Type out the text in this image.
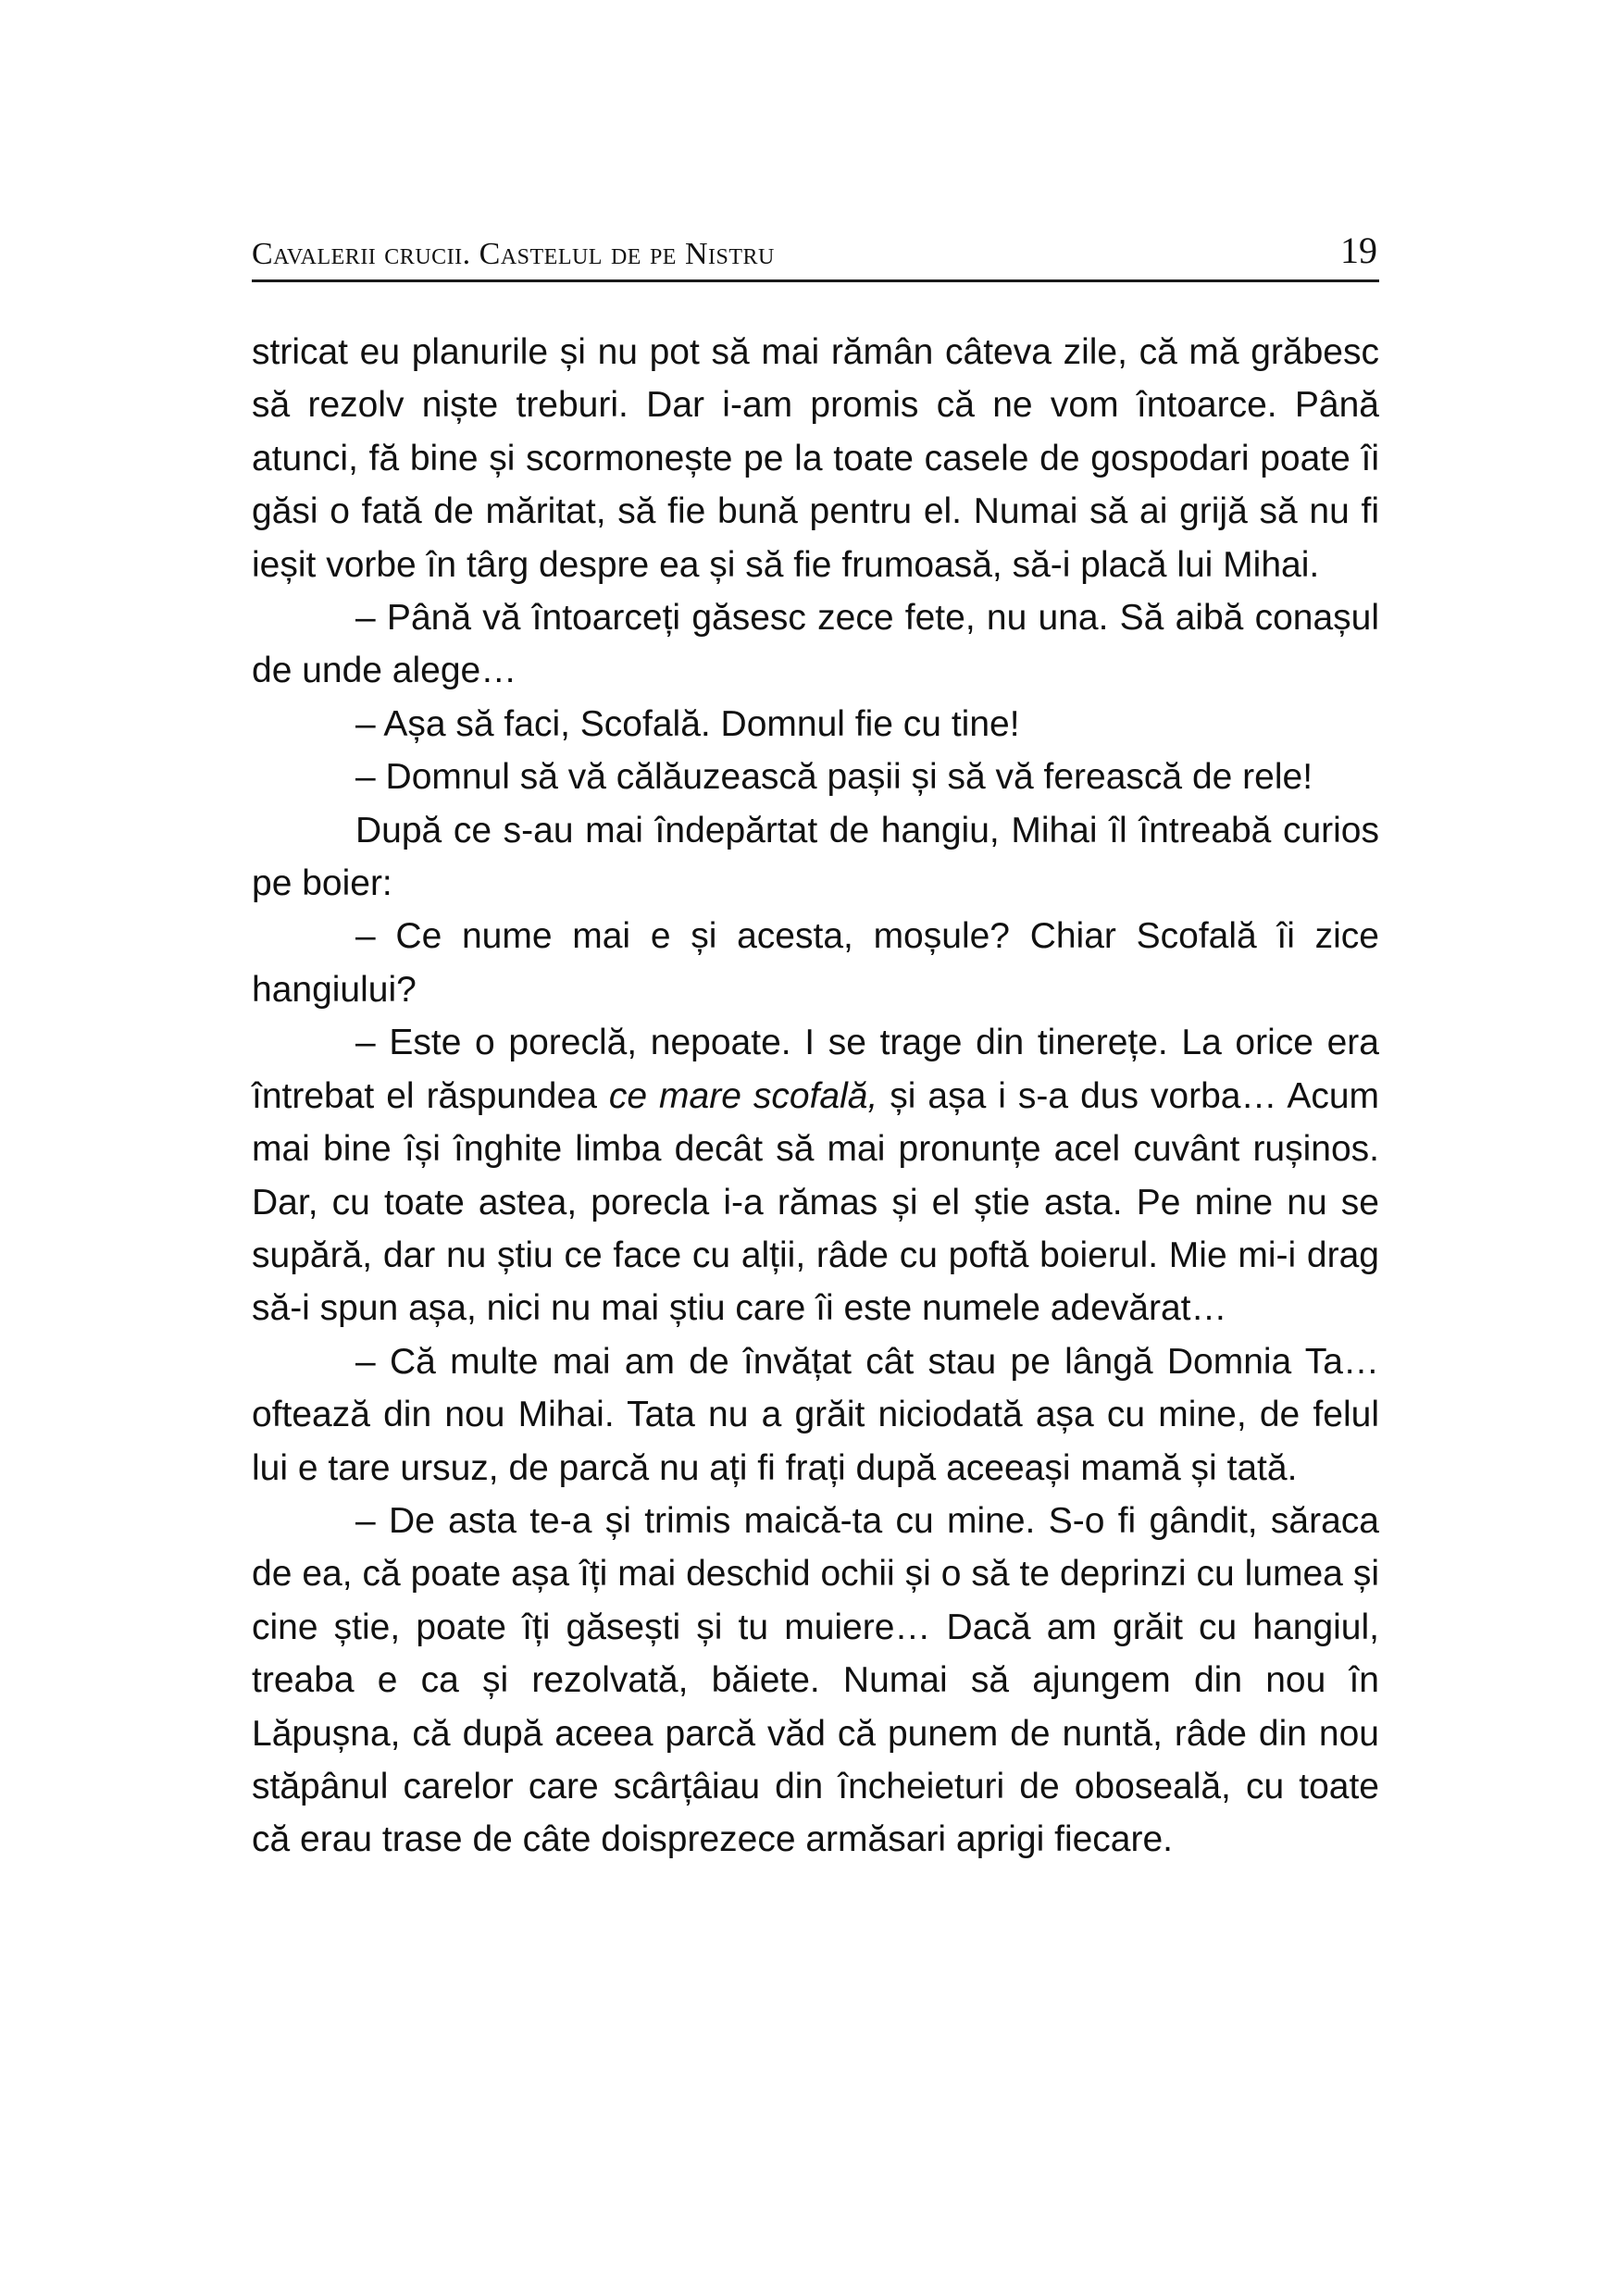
Cavalerii crucii. Castelul de pe Nistru	19

stricat eu planurile și nu pot să mai rămân câteva zile, că mă grăbesc să rezolv niște treburi. Dar i-am promis că ne vom întoarce. Până atunci, fă bine și scormonește pe la toate casele de gospodari poate îi găsi o fată de măritat, să fie bună pentru el. Numai să ai grijă să nu fi ieșit vorbe în târg despre ea și să fie frumoasă, să-i placă lui Mihai.

– Până vă întoarceți găsesc zece fete, nu una. Să aibă conașul de unde alege…

– Așa să faci, Scofală. Domnul fie cu tine!

– Domnul să vă călăuzească pașii și să vă ferească de rele!

După ce s-au mai îndepărtat de hangiu, Mihai îl întreabă curios pe boier:

– Ce nume mai e și acesta, moșule? Chiar Scofală îi zice hangiului?

– Este o poreclă, nepoate. I se trage din tinerețe. La orice era întrebat el răspundea ce mare scofală, și așa i s-a dus vorba… Acum mai bine își înghite limba decât să mai pronunțe acel cuvânt rușinos. Dar, cu toate astea, porecla i-a rămas și el știe asta. Pe mine nu se supără, dar nu știu ce face cu alții, râde cu poftă boierul. Mie mi-i drag să-i spun așa, nici nu mai știu care îi este numele adevărat…

– Că multe mai am de învățat cât stau pe lângă Domnia Ta… oftează din nou Mihai. Tata nu a grăit niciodată așa cu mine, de felul lui e tare ursuz, de parcă nu ați fi frați după aceeași mamă și tată.

– De asta te-a și trimis maică-ta cu mine. S-o fi gândit, săraca de ea, că poate așa îți mai deschid ochii și o să te deprinzi cu lumea și cine știe, poate îți găsești și tu muiere… Dacă am grăit cu hangiul, treaba e ca și rezolvată, băiete. Numai să ajungem din nou în Lăpușna, că după aceea parcă văd că punem de nuntă, râde din nou stăpânul carelor care scârțâiau din încheieturi de oboseală, cu toate că erau trase de câte doisprezece armăsari aprigi fiecare.
